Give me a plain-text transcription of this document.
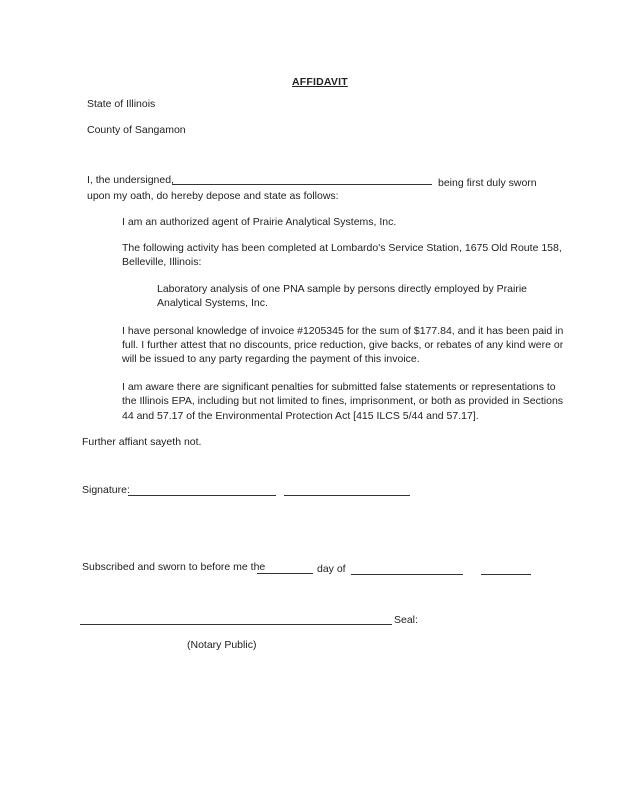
AFFIDAVIT
State of Illinois
County of Sangamon
I, the undersigned,	being first duly sworn
upon my oath, do hereby depose and state as follows:
I am an authorized agent of Prairie Analytical Systems, Inc.
The following activity has been completed at Lombardo's Service Station, 1675 Old Route 158,
Belleville, Illinois:
Laboratory analysis of one PNA sample by persons directly employed by Prairie
Analytical Systems, Inc.
I have personal knowledge of invoice #1205345 for the sum of $177.84, and it has been paid in
full. I further attest that no discounts, price reduction, give backs, or rebates of any kind were or
will be issued to any party regarding the payment of this invoice.
I am aware there are significant penalties for submitted false statements or representations to
the Illinois EPA, including but not limited to fines, imprisonment, or both as provided in Sections
44 and 57.17 of the Environmental Protection Act [415 ILCS 5/44 and 57.17].
Further affiant sayeth not.
Signature:
Subscribed and sworn to before me the	day of
Seal:
(Notary Public)
